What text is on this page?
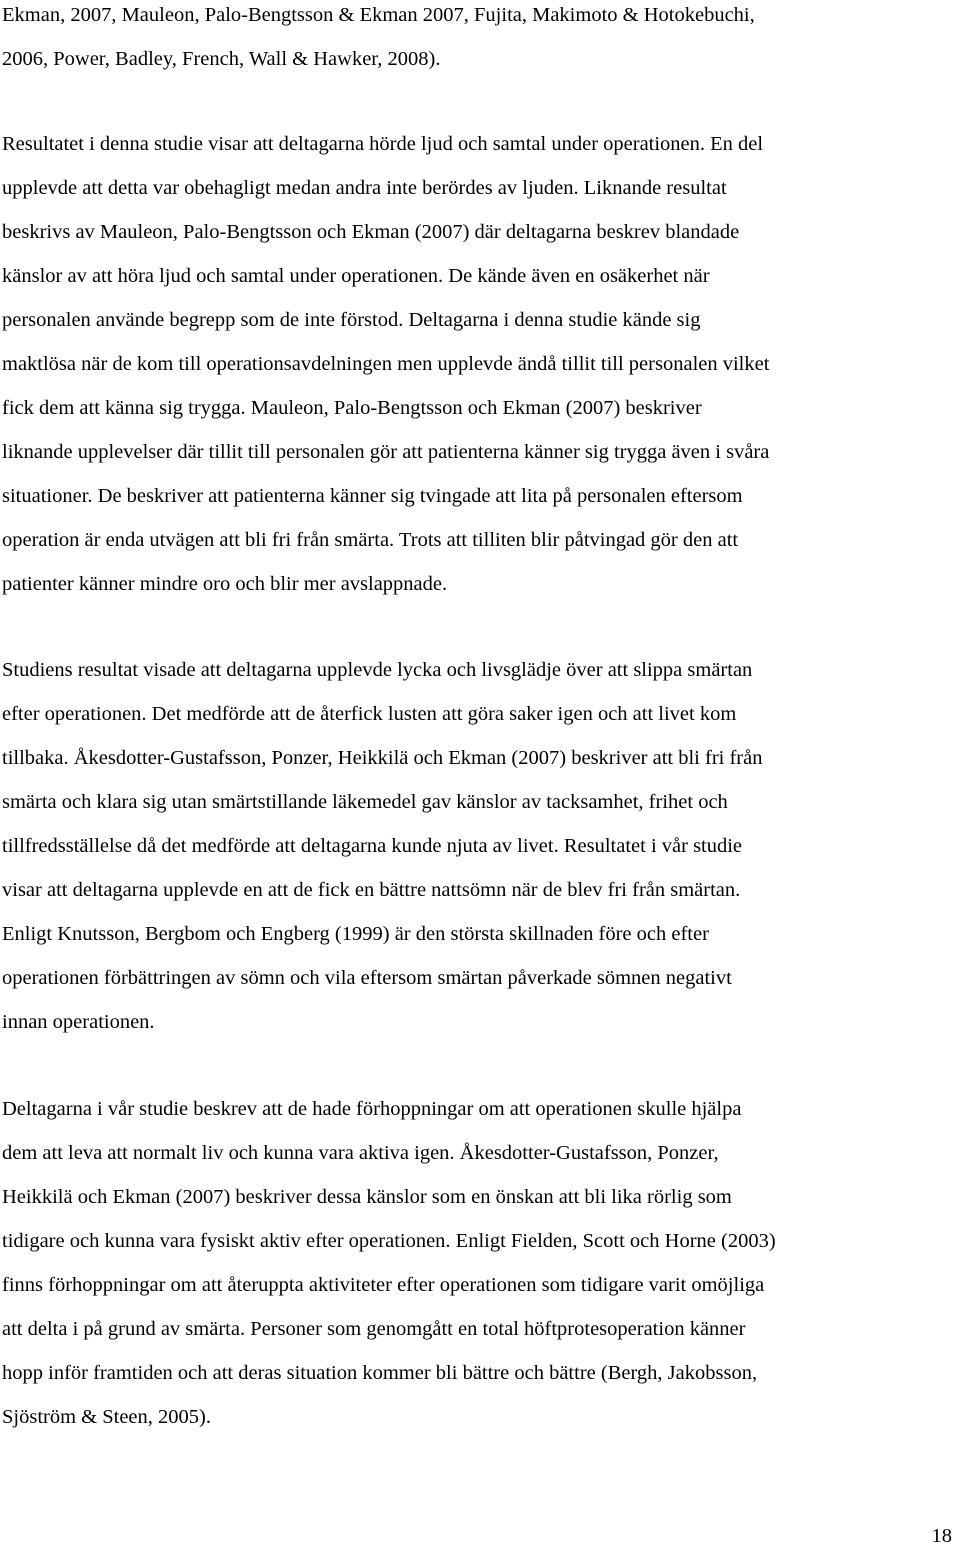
Ekman, 2007, Mauleon, Palo-Bengtsson & Ekman 2007, Fujita, Makimoto & Hotokebuchi,
2006, Power, Badley, French, Wall & Hawker, 2008).
Resultatet i denna studie visar att deltagarna hörde ljud och samtal under operationen. En del
upplevde att detta var obehagligt medan andra inte berördes av ljuden. Liknande resultat
beskrivs av Mauleon, Palo-Bengtsson och Ekman (2007) där deltagarna beskrev blandade
känslor av att höra ljud och samtal under operationen. De kände även en osäkerhet när
personalen använde begrepp som de inte förstod. Deltagarna i denna studie kände sig
maktlösa när de kom till operationsavdelningen men upplevde ändå tillit till personalen vilket
fick dem att känna sig trygga. Mauleon, Palo-Bengtsson och Ekman (2007) beskriver
liknande upplevelser där tillit till personalen gör att patienterna känner sig trygga även i svåra
situationer. De beskriver att patienterna känner sig tvingade att lita på personalen eftersom
operation är enda utvägen att bli fri från smärta. Trots att tilliten blir påtvingad gör den att
patienter känner mindre oro och blir mer avslappnade.
Studiens resultat visade att deltagarna upplevde lycka och livsglädje över att slippa smärtan
efter operationen. Det medförde att de återfick lusten att göra saker igen och att livet kom
tillbaka. Åkesdotter-Gustafsson, Ponzer, Heikkilä och Ekman (2007) beskriver att bli fri från
smärta och klara sig utan smärtstillande läkemedel gav känslor av tacksamhet, frihet och
tillfredsställelse då det medförde att deltagarna kunde njuta av livet. Resultatet i vår studie
visar att deltagarna upplevde en att de fick en bättre nattsömn när de blev fri från smärtan.
Enligt Knutsson, Bergbom och Engberg (1999) är den största skillnaden före och efter
operationen förbättringen av sömn och vila eftersom smärtan påverkade sömnen negativt
innan operationen.
Deltagarna i vår studie beskrev att de hade förhoppningar om att operationen skulle hjälpa
dem att leva att normalt liv och kunna vara aktiva igen. Åkesdotter-Gustafsson, Ponzer,
Heikkilä och Ekman (2007) beskriver dessa känslor som en önskan att bli lika rörlig som
tidigare och kunna vara fysiskt aktiv efter operationen. Enligt Fielden, Scott och Horne (2003)
finns förhoppningar om att återuppta aktiviteter efter operationen som tidigare varit omöjliga
att delta i på grund av smärta. Personer som genomgått en total höftprotesoperation känner
hopp inför framtiden och att deras situation kommer bli bättre och bättre (Bergh, Jakobsson,
Sjöström & Steen, 2005).
18
